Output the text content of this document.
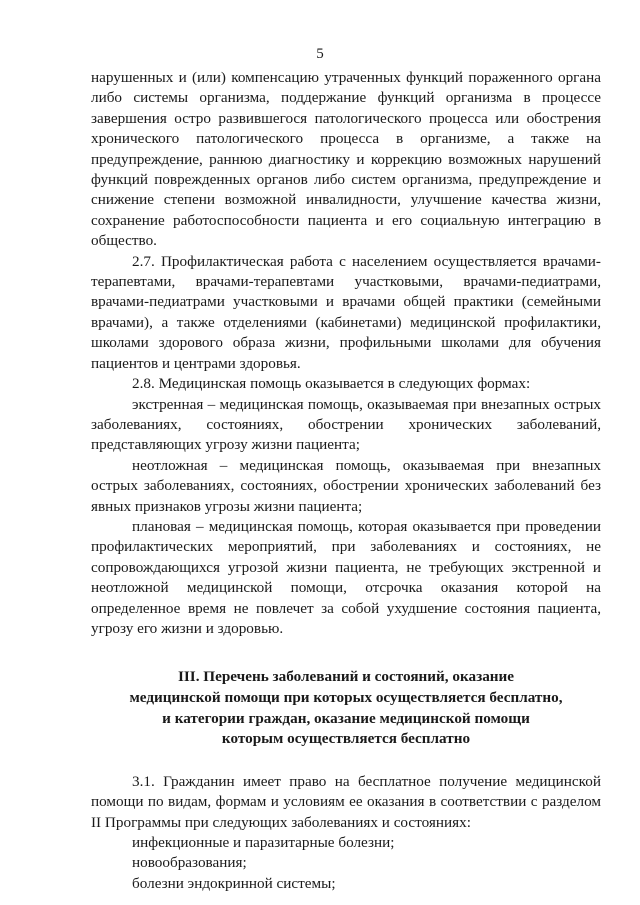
5

нарушенных и (или) компенсацию утраченных функций пораженного органа либо системы организма, поддержание функций организма в процессе завершения остро развившегося патологического процесса или обострения хронического патологического процесса в организме, а также на предупреждение, раннюю диагностику и коррекцию возможных нарушений функций поврежденных органов либо систем организма, предупреждение и снижение степени возможной инвалидности, улучшение качества жизни, сохранение работоспособности пациента и его социальную интеграцию в общество.

2.7. Профилактическая работа с населением осуществляется врачами-терапевтами, врачами-терапевтами участковыми, врачами-педиатрами, врачами-педиатрами участковыми и врачами общей практики (семейными врачами), а также отделениями (кабинетами) медицинской профилактики, школами здорового образа жизни, профильными школами для обучения пациентов и центрами здоровья.

2.8. Медицинская помощь оказывается в следующих формах:

экстренная – медицинская помощь, оказываемая при внезапных острых заболеваниях, состояниях, обострении хронических заболеваний, представляющих угрозу жизни пациента;

неотложная – медицинская помощь, оказываемая при внезапных острых заболеваниях, состояниях, обострении хронических заболеваний без явных признаков угрозы жизни пациента;

плановая – медицинская помощь, которая оказывается при проведении профилактических мероприятий, при заболеваниях и состояниях, не сопровождающихся угрозой жизни пациента, не требующих экстренной и неотложной медицинской помощи, отсрочка оказания которой на определенное время не повлечет за собой ухудшение состояния пациента, угрозу его жизни и здоровью.

III. Перечень заболеваний и состояний, оказание
медицинской помощи при которых осуществляется бесплатно,
и категории граждан, оказание медицинской помощи
которым осуществляется бесплатно

3.1. Гражданин имеет право на бесплатное получение медицинской помощи по видам, формам и условиям ее оказания в соответствии с разделом II Программы при следующих заболеваниях и состояниях:

инфекционные и паразитарные болезни;

новообразования;

болезни эндокринной системы;
